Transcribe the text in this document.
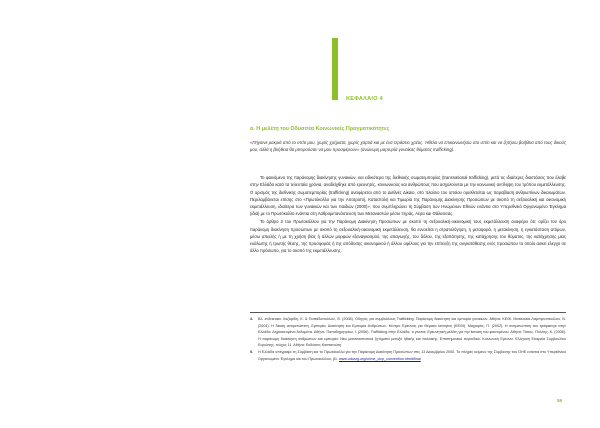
ΚΕΦΑΛΑΙΟ 4
α. Η μελέτη του Οδυσσέα Κοινωνικές Πραγματικότητες
«Πήγαινε μακριά από το σπίτι μου, χωρίς χρήματα, χωρίς χαρτιά και με ένα τεράστιο χρέος. Ήθελα να επικοινωνήσω στο σπίτι και να ζητήσω βοήθεια από τους δικούς μου, αλλά η βοήθεια θα μπορούσαν να μου προσφέρουν» (ανώνυμη μαρτυρία γυναίκας θύματος trafficking).

Το φαινόμενο της παράνομης διακίνησης γυναικών, και ειδικότερα της διεθνικής σωματεμπορίας (transnational trafficking), μετά τις ιδιαίτερες διαστάσεις που έλαβε στην Ελλάδα κατά τα τελευταία χρόνια, αναδείχθηκε από ερευνητές, κοινωνικούς και ανθρώπους που ασχολούνται με την κοινωνική αντίληψη του τρόπου εκμετάλλευσης. Ο ορισμός της διεθνικής σωματεμπορίας (trafficking) αναφέρεται από το Διεθνές Δίκαιο, στο πλαίσιο του οποίου οριοθετείται ως παραβίαση ανθρωπίνων δικαιωμάτων. Περιλαμβάνεται επίσης στο «Πρωτόκολλο για την Αποτροπή, Καταστολή και Τιμωρία της Παράνομης Διακίνησης Προσώπων με σκοπό τη σεξουαλική και οικονομική εκμετάλλευση, ιδιαίτερα των γυναικών και των παιδιών (2000)», που συμπληρώνει τη Σύμβαση των Ηνωμένων Εθνών ενάντια στο Υπερεθνικό Οργανωμένο Έγκλημα (ιδιά) με το Πρωτόκολλο ενάντια στη Λαθρομετανάστευση των Μεταναστών μέσω Ξηράς, Αέρα και Θάλασσας.

Το άρθρο 3 του Πρωτοκόλλου για την Παράνομη Διακίνηση Προσώπων με σκοπό τη σεξουαλική-οικονομική τους εκμετάλλευση αναφέρει ότι: ορίζει τον όρο παράνομη διακίνηση προσώπων με σκοπό τη σεξουαλική-οικονομική εκμετάλλευση, θα εννοείται η στρατολόγηση, η μεταφορά, η μετακίνηση, η εγκατάσταση ατόμων, μέσω απειλής ή με τη χρήση βίας ή άλλων μορφών εξαναγκασμού, της απαγωγής, του δόλου, της εξαπάτησης, της κατάχρησης του θύματος, της κατάχρησης μιας ευάλωτης ή τρωτής θέσης, της προσφοράς ή της απόδοσης οικονομικού ή άλλου οφέλους για την επίτευξη της συγκατάθεσης ενός προσώπου το οποίο ασκεί έλεγχο σε άλλο πρόσωπο, για το σκοπό της εκμετάλλευσης.

4.	Βλ. ενδεικτικά: Λαζαρίδη, Κ. & Παπαδοπούλου, Θ. (2008). Οδηγός για συμβούλους Trafficking: Παράνομη διακίνηση και εμπορία γυναικών. Αθήνα: ΚΕΘΙ. Ματσούκα-Λαμπρινοπούλου, Ν. (2004). Η δίκαιη αντιμετώπιση. Εμπορία, Διακίνηση και Εμπορία Ανθρώπων. Κέντρο Έρευνας για Θέματα Ισότητας (ΚΕΘΙ). Μαχαιράς, Π. (2002). Η αντιμετώπιση του τράφικινγκ στην Ελλάδα: Δημοσιευμένα δεδομένα. Αθήνα. Παπαδημητρίου, Ι. (2006). Trafficking στην Ελλάδα, τι γίνεται; Ερευνητική μελέτη για την έκταση του φαινομένου. Αθήνα: Τόπος. Πολίτης. Κ. (2008). Η παράνομη διακίνηση ανθρώπων και εμπορία: Νέα μεταναστευτικά ζητήματα μεταξύ ηθικής και πολιτικής. Επιστημονικό περιοδικό: Κοινωνική Ερευνα. Ελληνική Εταιρεία Συμβουλίου Ευρώπης, τεύχος 11. Αθήνα: Εκδόσεις Καστανιώτη.
5.	Η Ελλάδα υπέγραψε τη Σύμβαση και το Πρωτόκολλο για την Παράνομη Διακίνηση Προσώπων στις 13 Δεκεμβρίου 2000. Το πλήρες κείμενο της Σύμβασης του ΟΗΕ ενάντια στο Υπερεθνικό Οργανωμένο Έγκλημα και του Πρωτοκόλλου, βλ. www.odusrg.org/crime_cicp_convention.html#final
59
